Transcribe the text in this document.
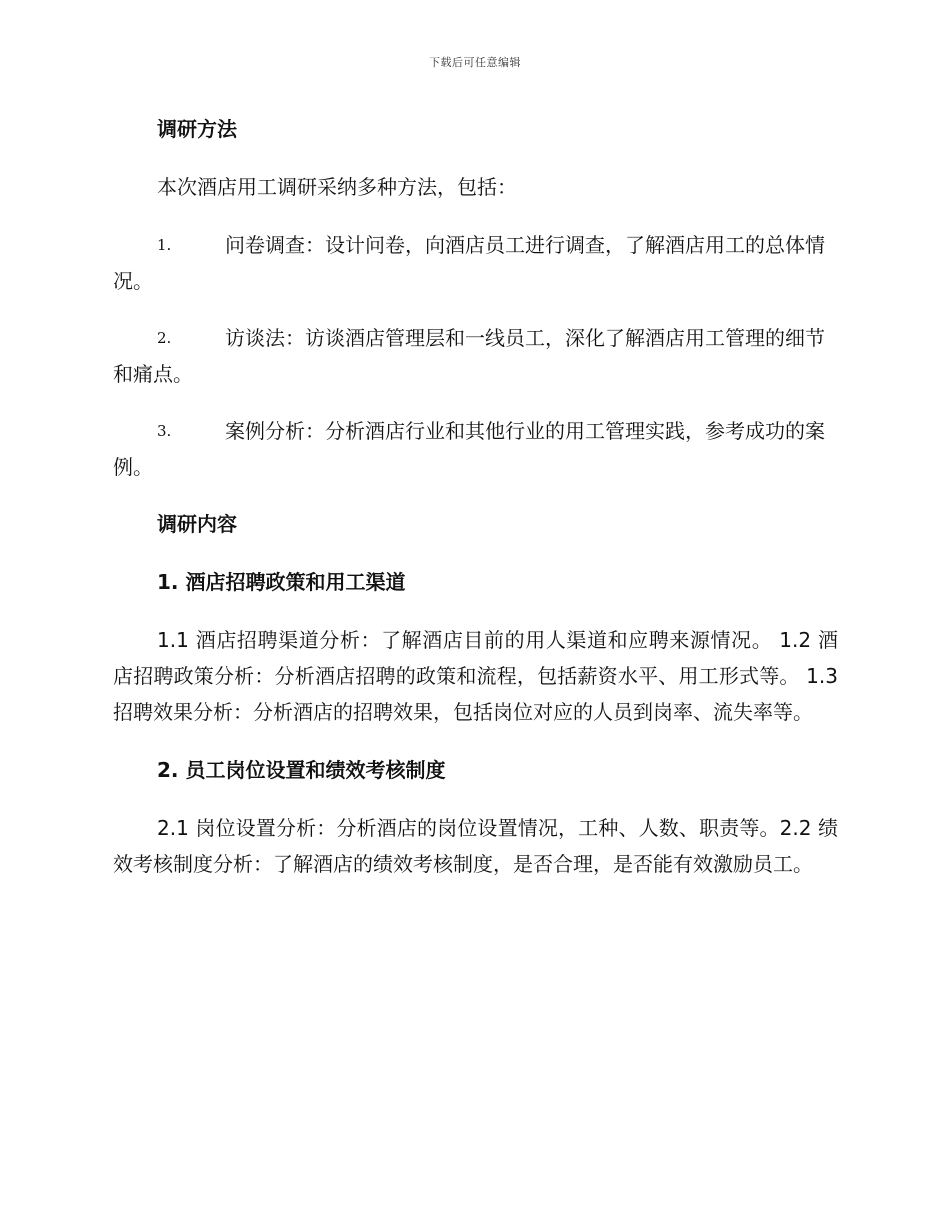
下载后可任意编辑

调研方法

本次酒店用工调研采纳多种方法，包括：

1.	问卷调查：设计问卷，向酒店员工进行调查，了解酒店用工的总体情况。

2.	访谈法：访谈酒店管理层和一线员工，深化了解酒店用工管理的细节和痛点。

3.	案例分析：分析酒店行业和其他行业的用工管理实践，参考成功的案例。

调研内容

1. 酒店招聘政策和用工渠道

1.1 酒店招聘渠道分析：了解酒店目前的用人渠道和应聘来源情况。 1.2 酒店招聘政策分析：分析酒店招聘的政策和流程，包括薪资水平、用工形式等。 1.3 招聘效果分析：分析酒店的招聘效果，包括岗位对应的人员到岗率、流失率等。

2. 员工岗位设置和绩效考核制度

2.1 岗位设置分析：分析酒店的岗位设置情况，工种、人数、职责等。2.2 绩效考核制度分析：了解酒店的绩效考核制度，是否合理，是否能有效激励员工。
